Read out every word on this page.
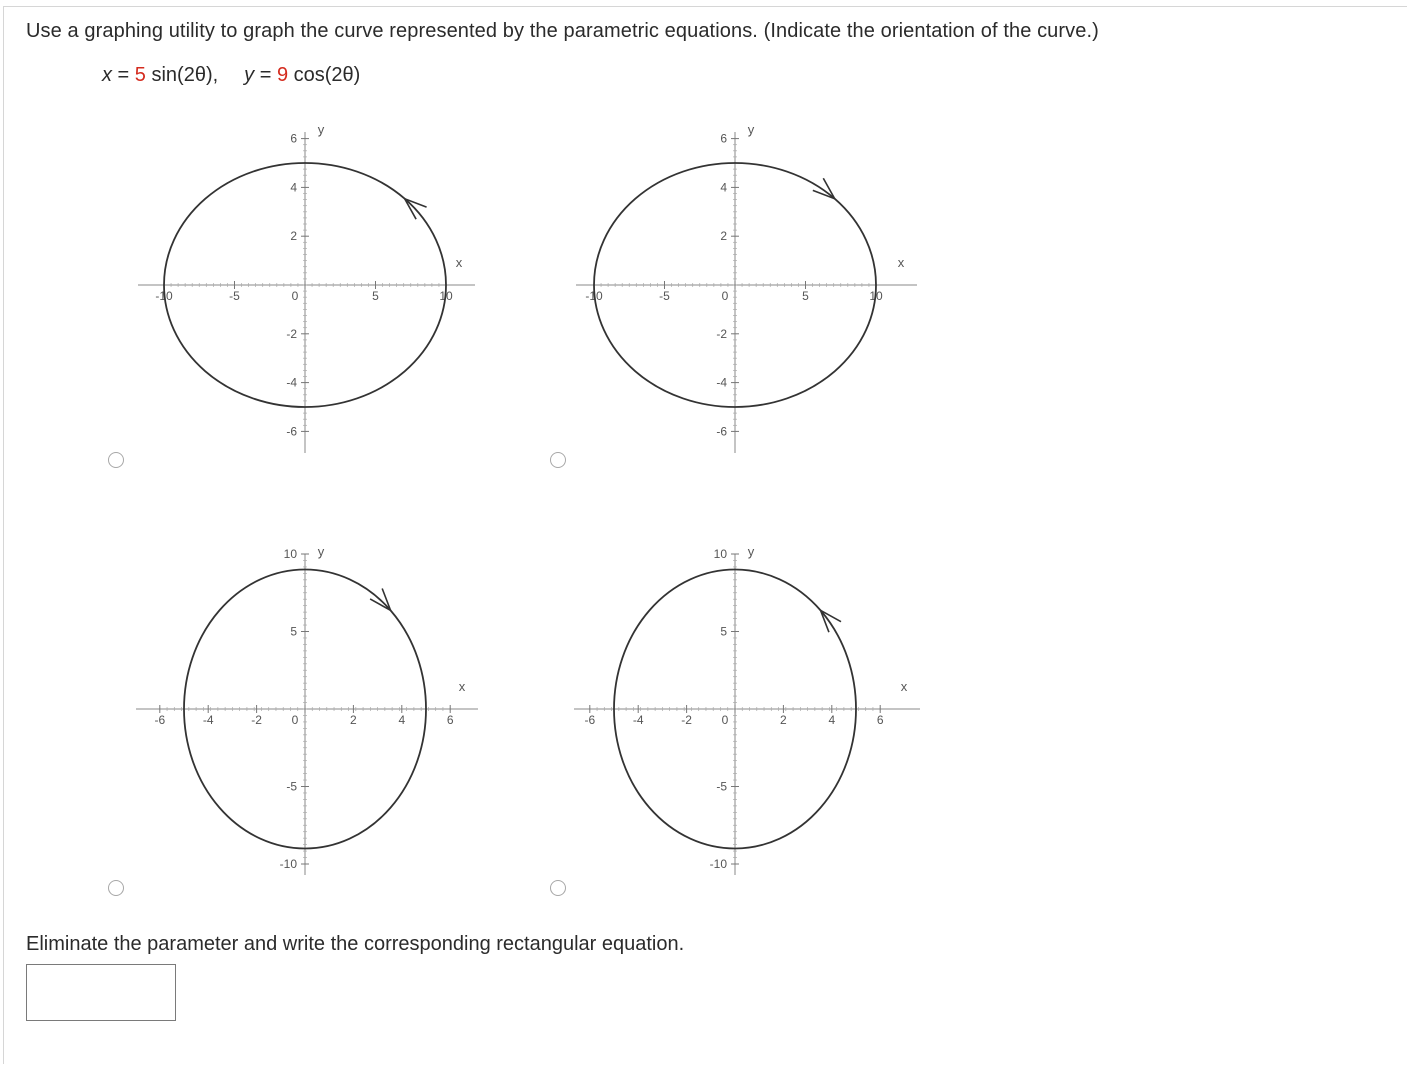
Use a graphing utility to graph the curve represented by the parametric equations. (Indicate the orientation of the curve.)
x = 5 sin(2θ), y = 9 cos(2θ)
-10	-5	0	5	10
6
4
2
-2
-4
-6
x
y
-10	-5	0	5	10
6
4
2
-2
-4
-6
x
y
-6	-4	-2 0	2	4	6
10
5
-5
-10
x
y
-6	-4	-2 0	2	4	6
10
5
-5
-10
x
y
Eliminate the parameter and write the corresponding rectangular equation.
